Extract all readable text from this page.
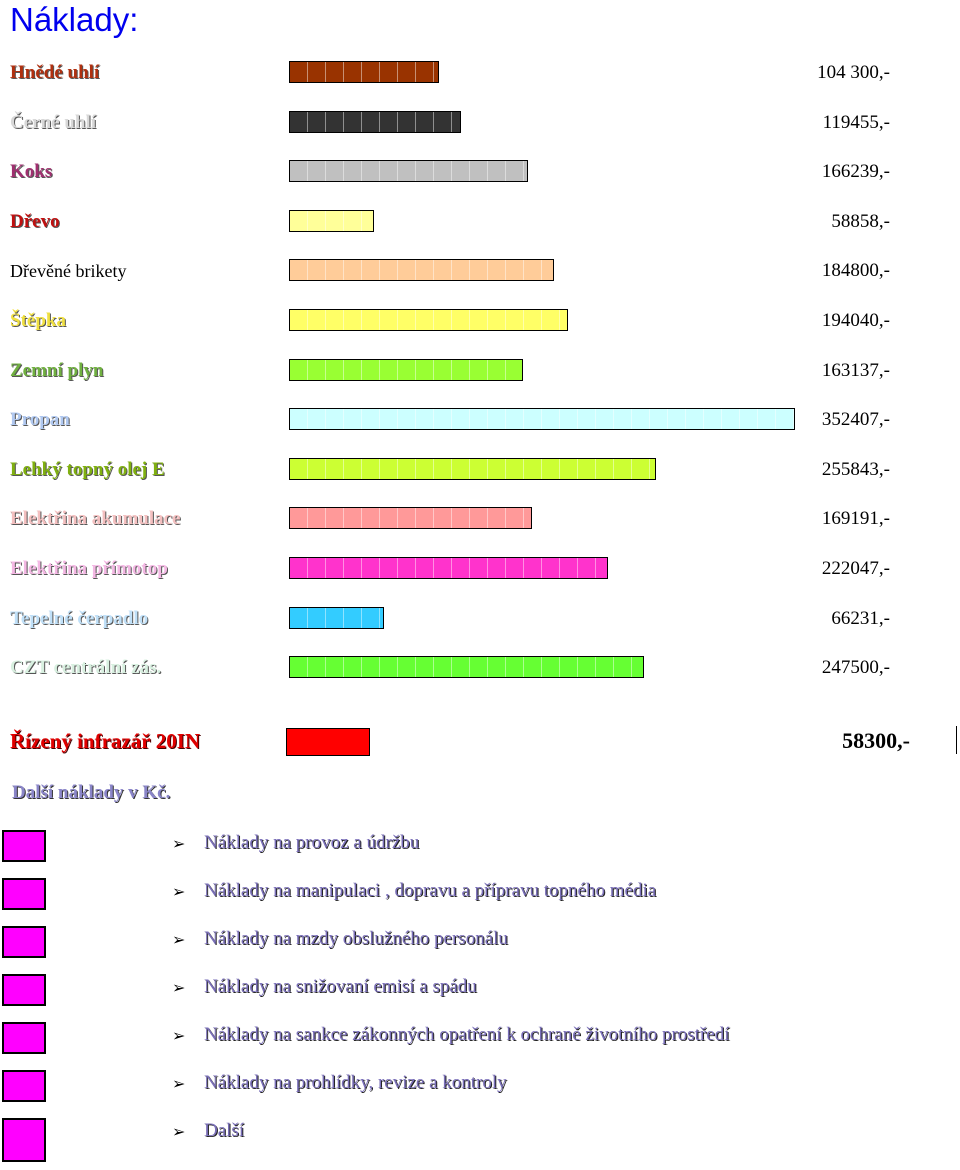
Náklady:
Hnědé uhlí	104 300,-
Černé uhlí	119455,-
Koks	166239,-
Dřevo	58858,-
Dřevěné brikety	184800,-
Štěpka	194040,-
Zemní plyn	163137,-
Propan	352407,-
Lehký topný olej E	255843,-
Elektřina akumulace	169191,-
Elektřina přímotop	222047,-
Tepelné čerpadlo	66231,-
CZT centrální zás.	247500,-
Řízený infrazář 20IN	58300,-
Další náklady v Kč.
➢ Náklady na provoz a údržbu
➢ Náklady na manipulaci , dopravu a přípravu topného média
➢ Náklady na mzdy obslužného personálu
➢ Náklady na snižovaní emisí a spádu
➢ Náklady na sankce zákonných opatření k ochraně životního prostředí
➢ Náklady na prohlídky, revize a kontroly
➢ Další
